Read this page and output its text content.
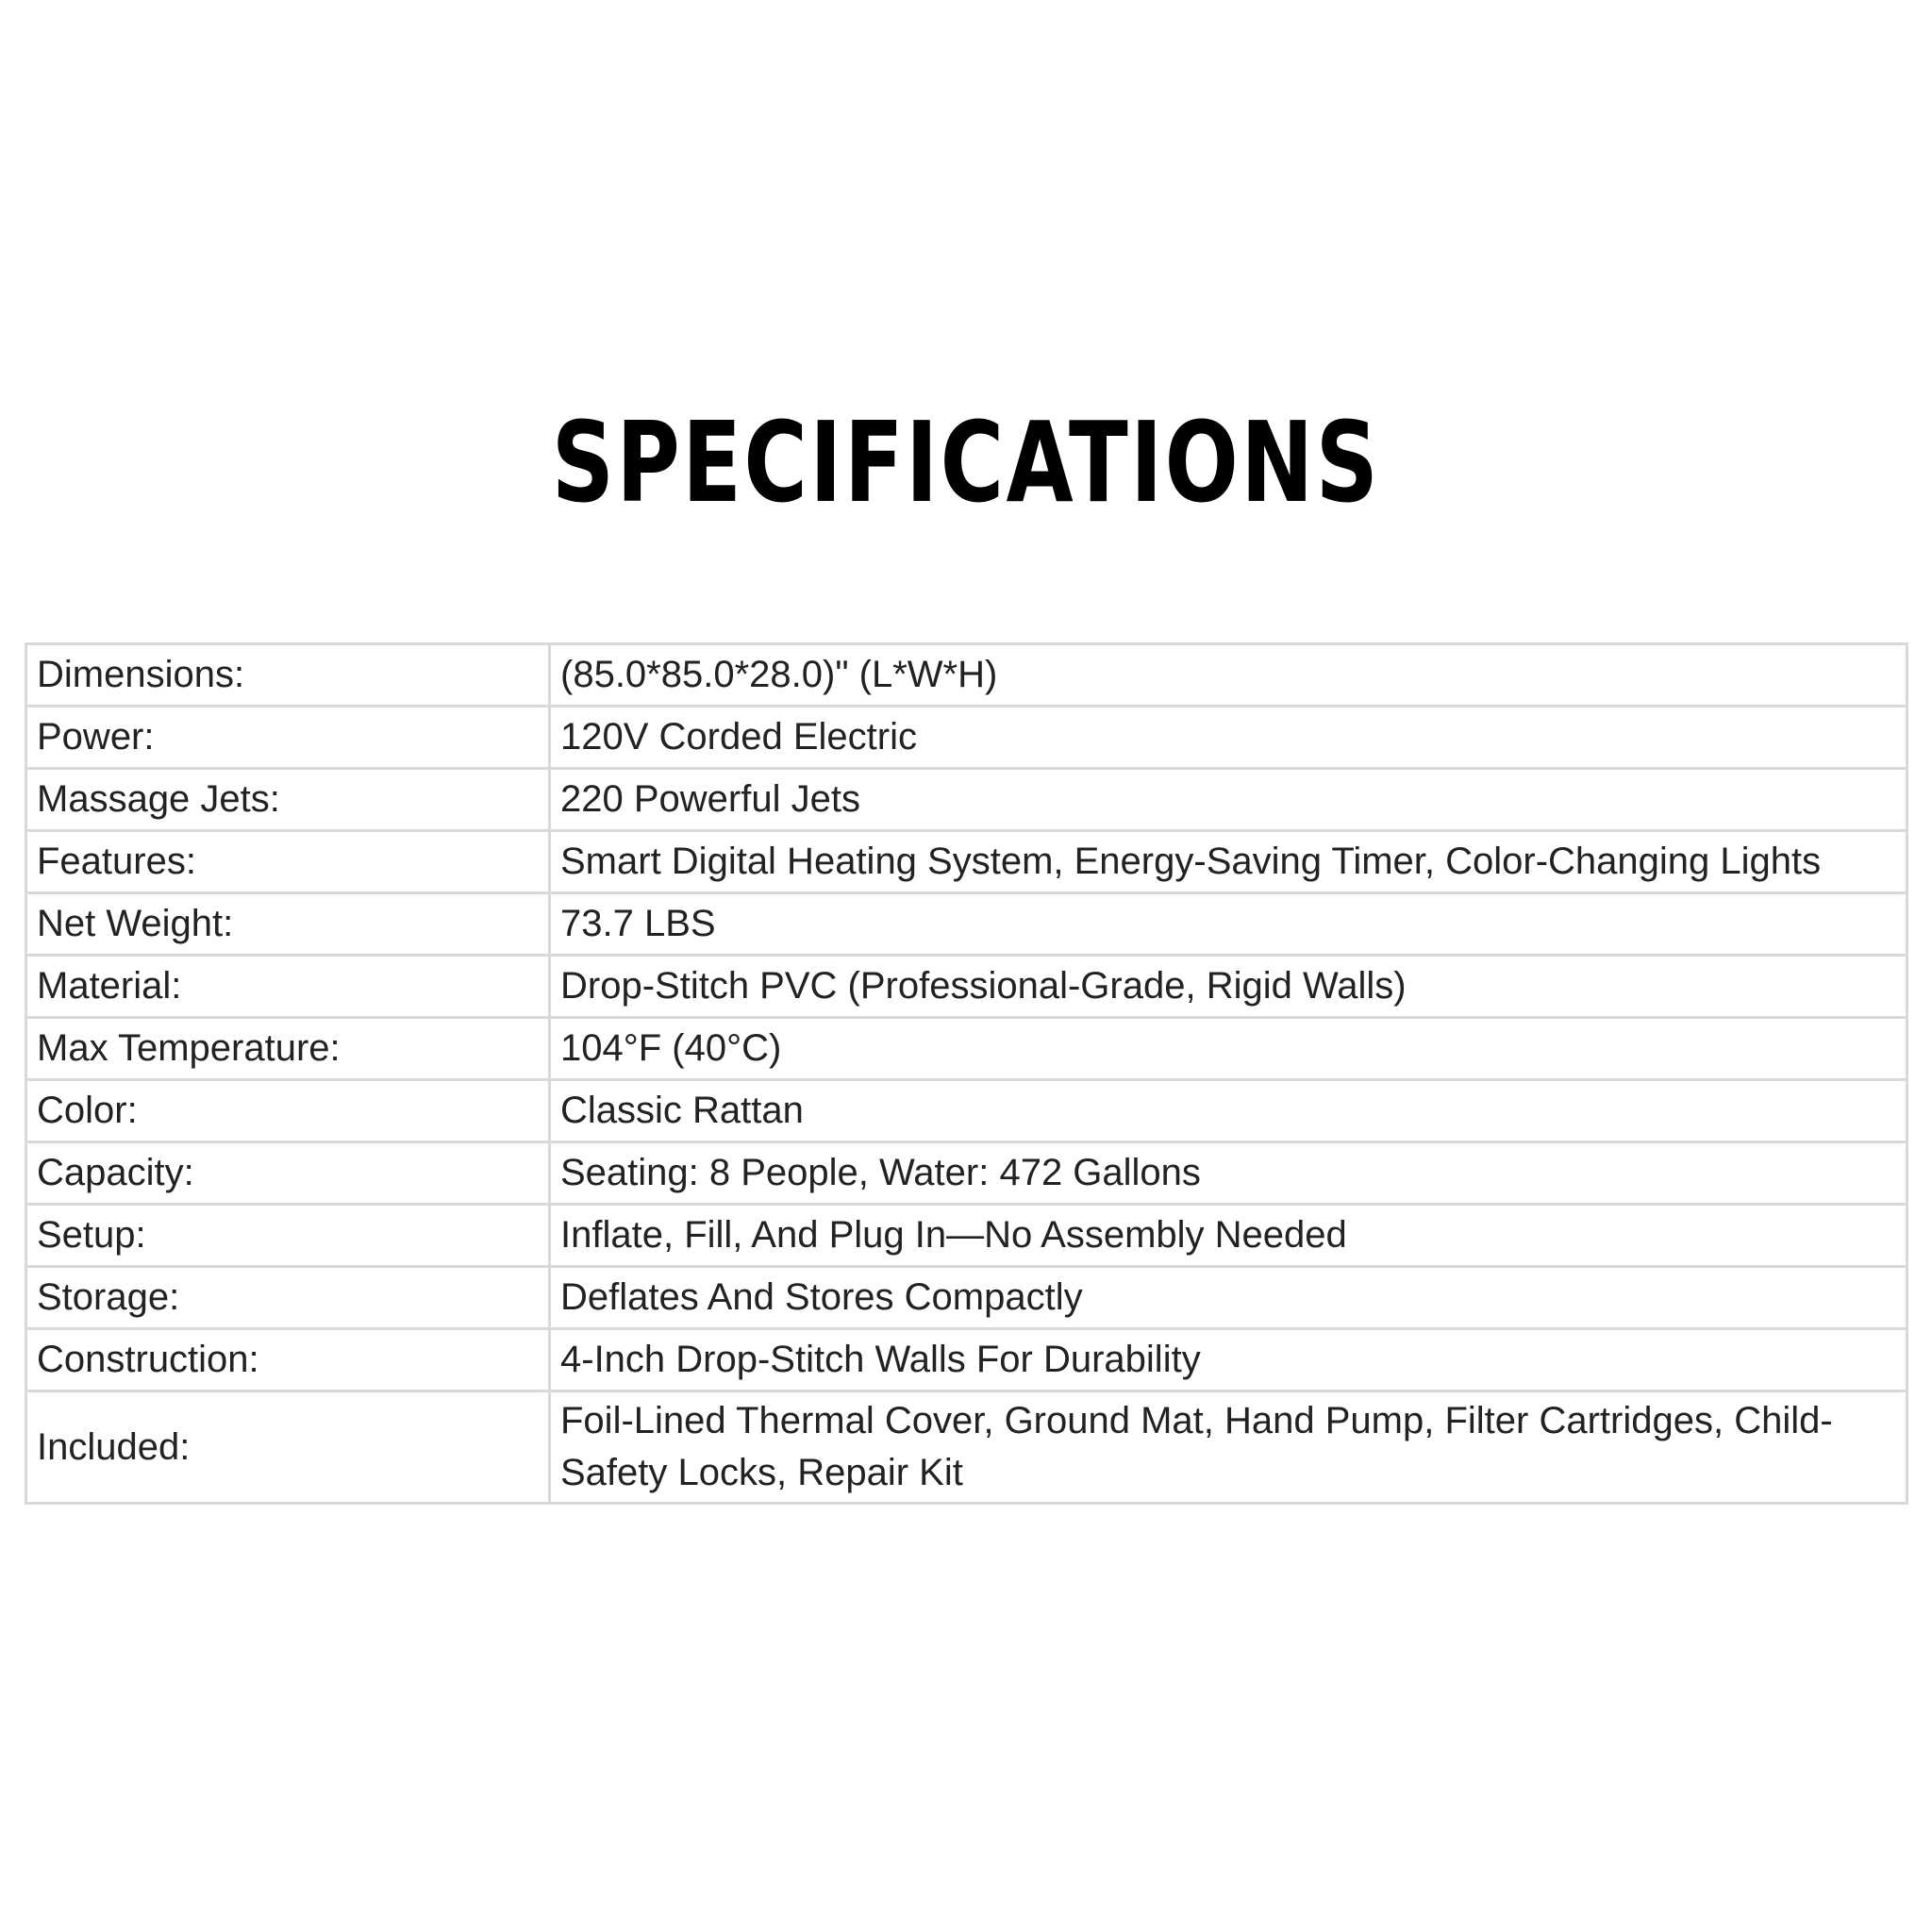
SPECIFICATIONS
Dimensions:	(85.0*85.0*28.0)" (L*W*H)
Power:	120V Corded Electric
Massage Jets:	220 Powerful Jets
Features:	Smart Digital Heating System, Energy-Saving Timer, Color-Changing Lights
Net Weight:	73.7 LBS
Material:	Drop-Stitch PVC (Professional-Grade, Rigid Walls)
Max Temperature:	104°F (40°C)
Color:	Classic Rattan
Capacity:	Seating: 8 People, Water: 472 Gallons
Setup:	Inflate, Fill, And Plug In—No Assembly Needed
Storage:	Deflates And Stores Compactly
Construction:	4-Inch Drop-Stitch Walls For Durability
Included:	Foil-Lined Thermal Cover, Ground Mat, Hand Pump, Filter Cartridges, Child-Safety Locks, Repair Kit
